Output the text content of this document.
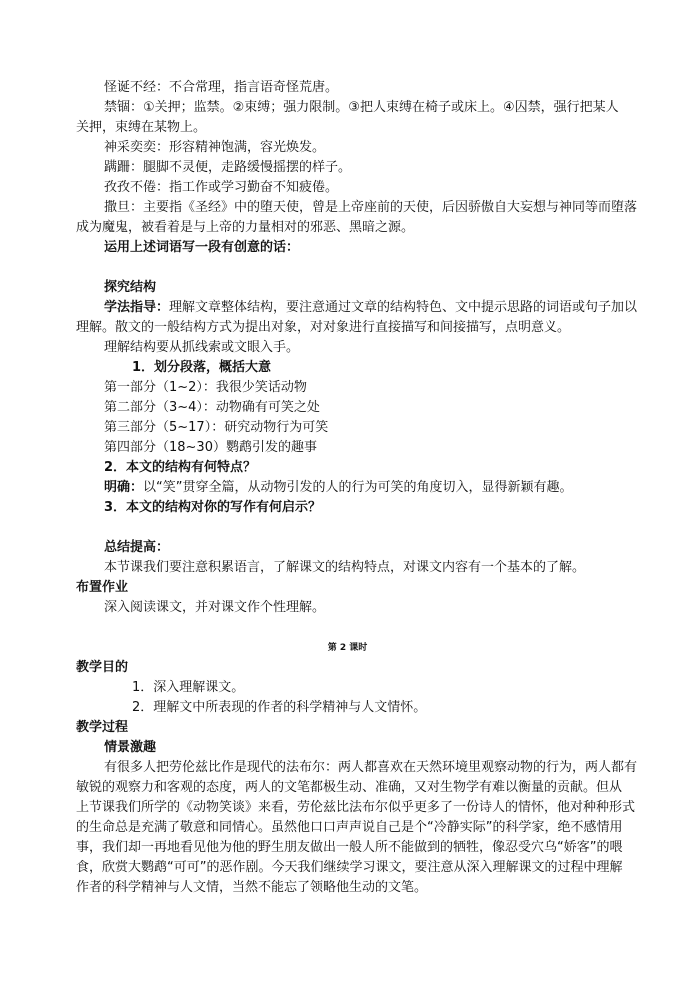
怪诞不经：不合常理，指言语奇怪荒唐。
禁锢：①关押；监禁。②束缚；强力限制。③把人束缚在椅子或床上。④囚禁，强行把某人
关押，束缚在某物上。
神采奕奕：形容精神饱满，容光焕发。
蹒跚：腿脚不灵便，走路缓慢摇摆的样子。
孜孜不倦：指工作或学习勤奋不知疲倦。
撒旦：主要指《圣经》中的堕天使，曾是上帝座前的天使，后因骄傲自大妄想与神同等而堕落
成为魔鬼，被看着是与上帝的力量相对的邪恶、黑暗之源。
运用上述词语写一段有创意的话：
探究结构
学法指导：理解文章整体结构，要注意通过文章的结构特色、文中提示思路的词语或句子加以
理解。散文的一般结构方式为提出对象，对对象进行直接描写和间接描写，点明意义。
理解结构要从抓线索或文眼入手。
1．划分段落，概括大意
第一部分（1~2）：我很少笑话动物
第二部分（3~4）：动物确有可笑之处
第三部分（5~17）：研究动物行为可笑
第四部分（18~30）鹦鹉引发的趣事
2．本文的结构有何特点？
明确：以“笑”贯穿全篇，从动物引发的人的行为可笑的角度切入，显得新颖有趣。
3．本文的结构对你的写作有何启示？
总结提高：
本节课我们要注意积累语言，了解课文的结构特点，对课文内容有一个基本的了解。
布置作业
深入阅读课文，并对课文作个性理解。
第 2 课时
教学目的
1．深入理解课文。
2．理解文中所表现的作者的科学精神与人文情怀。
教学过程
情景激趣
有很多人把劳伦兹比作是现代的法布尔：两人都喜欢在天然环境里观察动物的行为，两人都有
敏锐的观察力和客观的态度，两人的文笔都极生动、准确，又对生物学有难以衡量的贡献。但从
上节课我们所学的《动物笑谈》来看，劳伦兹比法布尔似乎更多了一份诗人的情怀，他对种种形式
的生命总是充满了敬意和同情心。虽然他口口声声说自己是个“冷静实际”的科学家，绝不感情用
事，我们却一再地看见他为他的野生朋友做出一般人所不能做到的牺牲，像忍受穴乌“娇客”的喂
食，欣赏大鹦鹉“可可”的恶作剧。今天我们继续学习课文，要注意从深入理解课文的过程中理解
作者的科学精神与人文情，当然不能忘了领略他生动的文笔。
